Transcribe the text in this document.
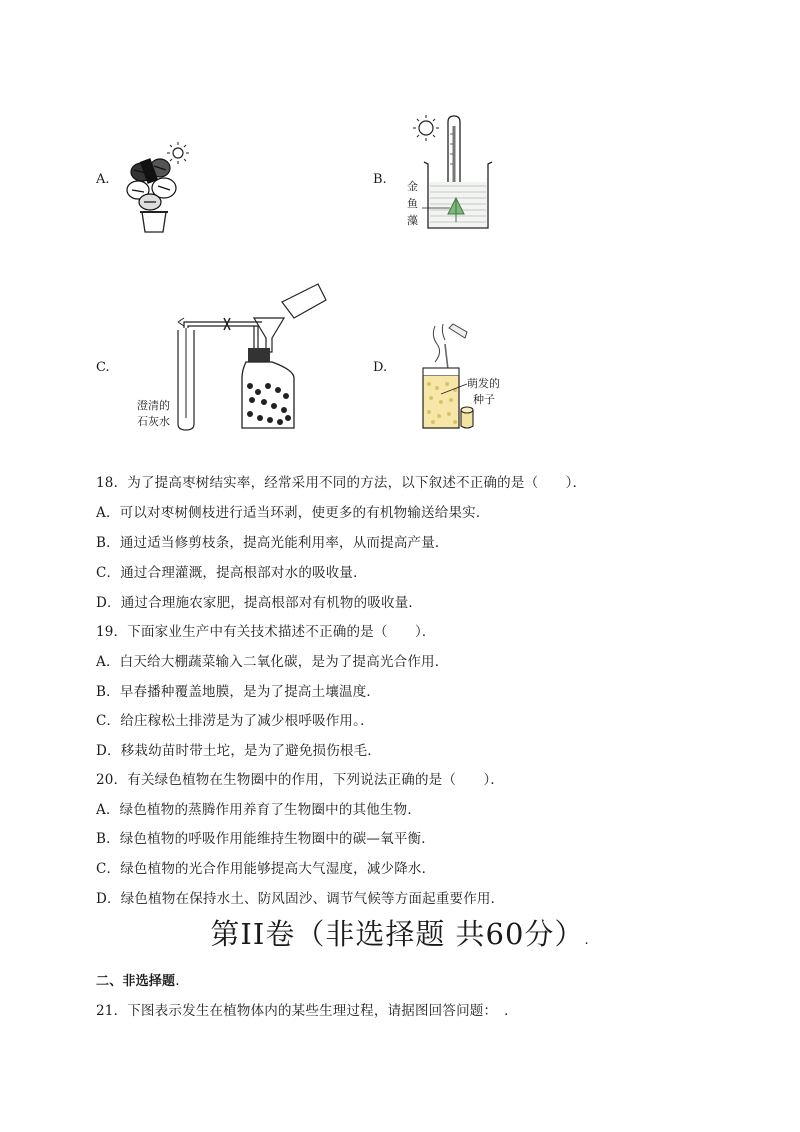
A.	B. 金
鱼
藻
C.
澄清的
石灰水
D.
萌发的
种子
18．为了提高枣树结实率，经常采用不同的方法，以下叙述不正确的是（　　）．
A．可以对枣树侧枝进行适当环剥，使更多的有机物输送给果实．
B．通过适当修剪枝条，提高光能利用率，从而提高产量．
C．通过合理灌溉，提高根部对水的吸收量．
D．通过合理施农家肥，提高根部对有机物的吸收量．
19．下面家业生产中有关技术描述不正确的是（　　）．
A．白天给大棚蔬菜输入二氧化碳，是为了提高光合作用．
B．早春播种覆盖地膜，是为了提高土壤温度．
C．给庄稼松土排涝是为了减少根呼吸作用。．
D．移栽幼苗时带土坨，是为了避免损伤根毛．
20．有关绿色植物在生物圈中的作用，下列说法正确的是（　　）．
A．绿色植物的蒸腾作用养育了生物圈中的其他生物．
B．绿色植物的呼吸作用能维持生物圈中的碳—氧平衡．
C．绿色植物的光合作用能够提高大气湿度，减少降水．
D．绿色植物在保持水土、防风固沙、调节气候等方面起重要作用．
第II卷（非选择题 共60分）.
二、非选择题.
21．下图表示发生在植物体内的某些生理过程，请据图回答问题：　．
